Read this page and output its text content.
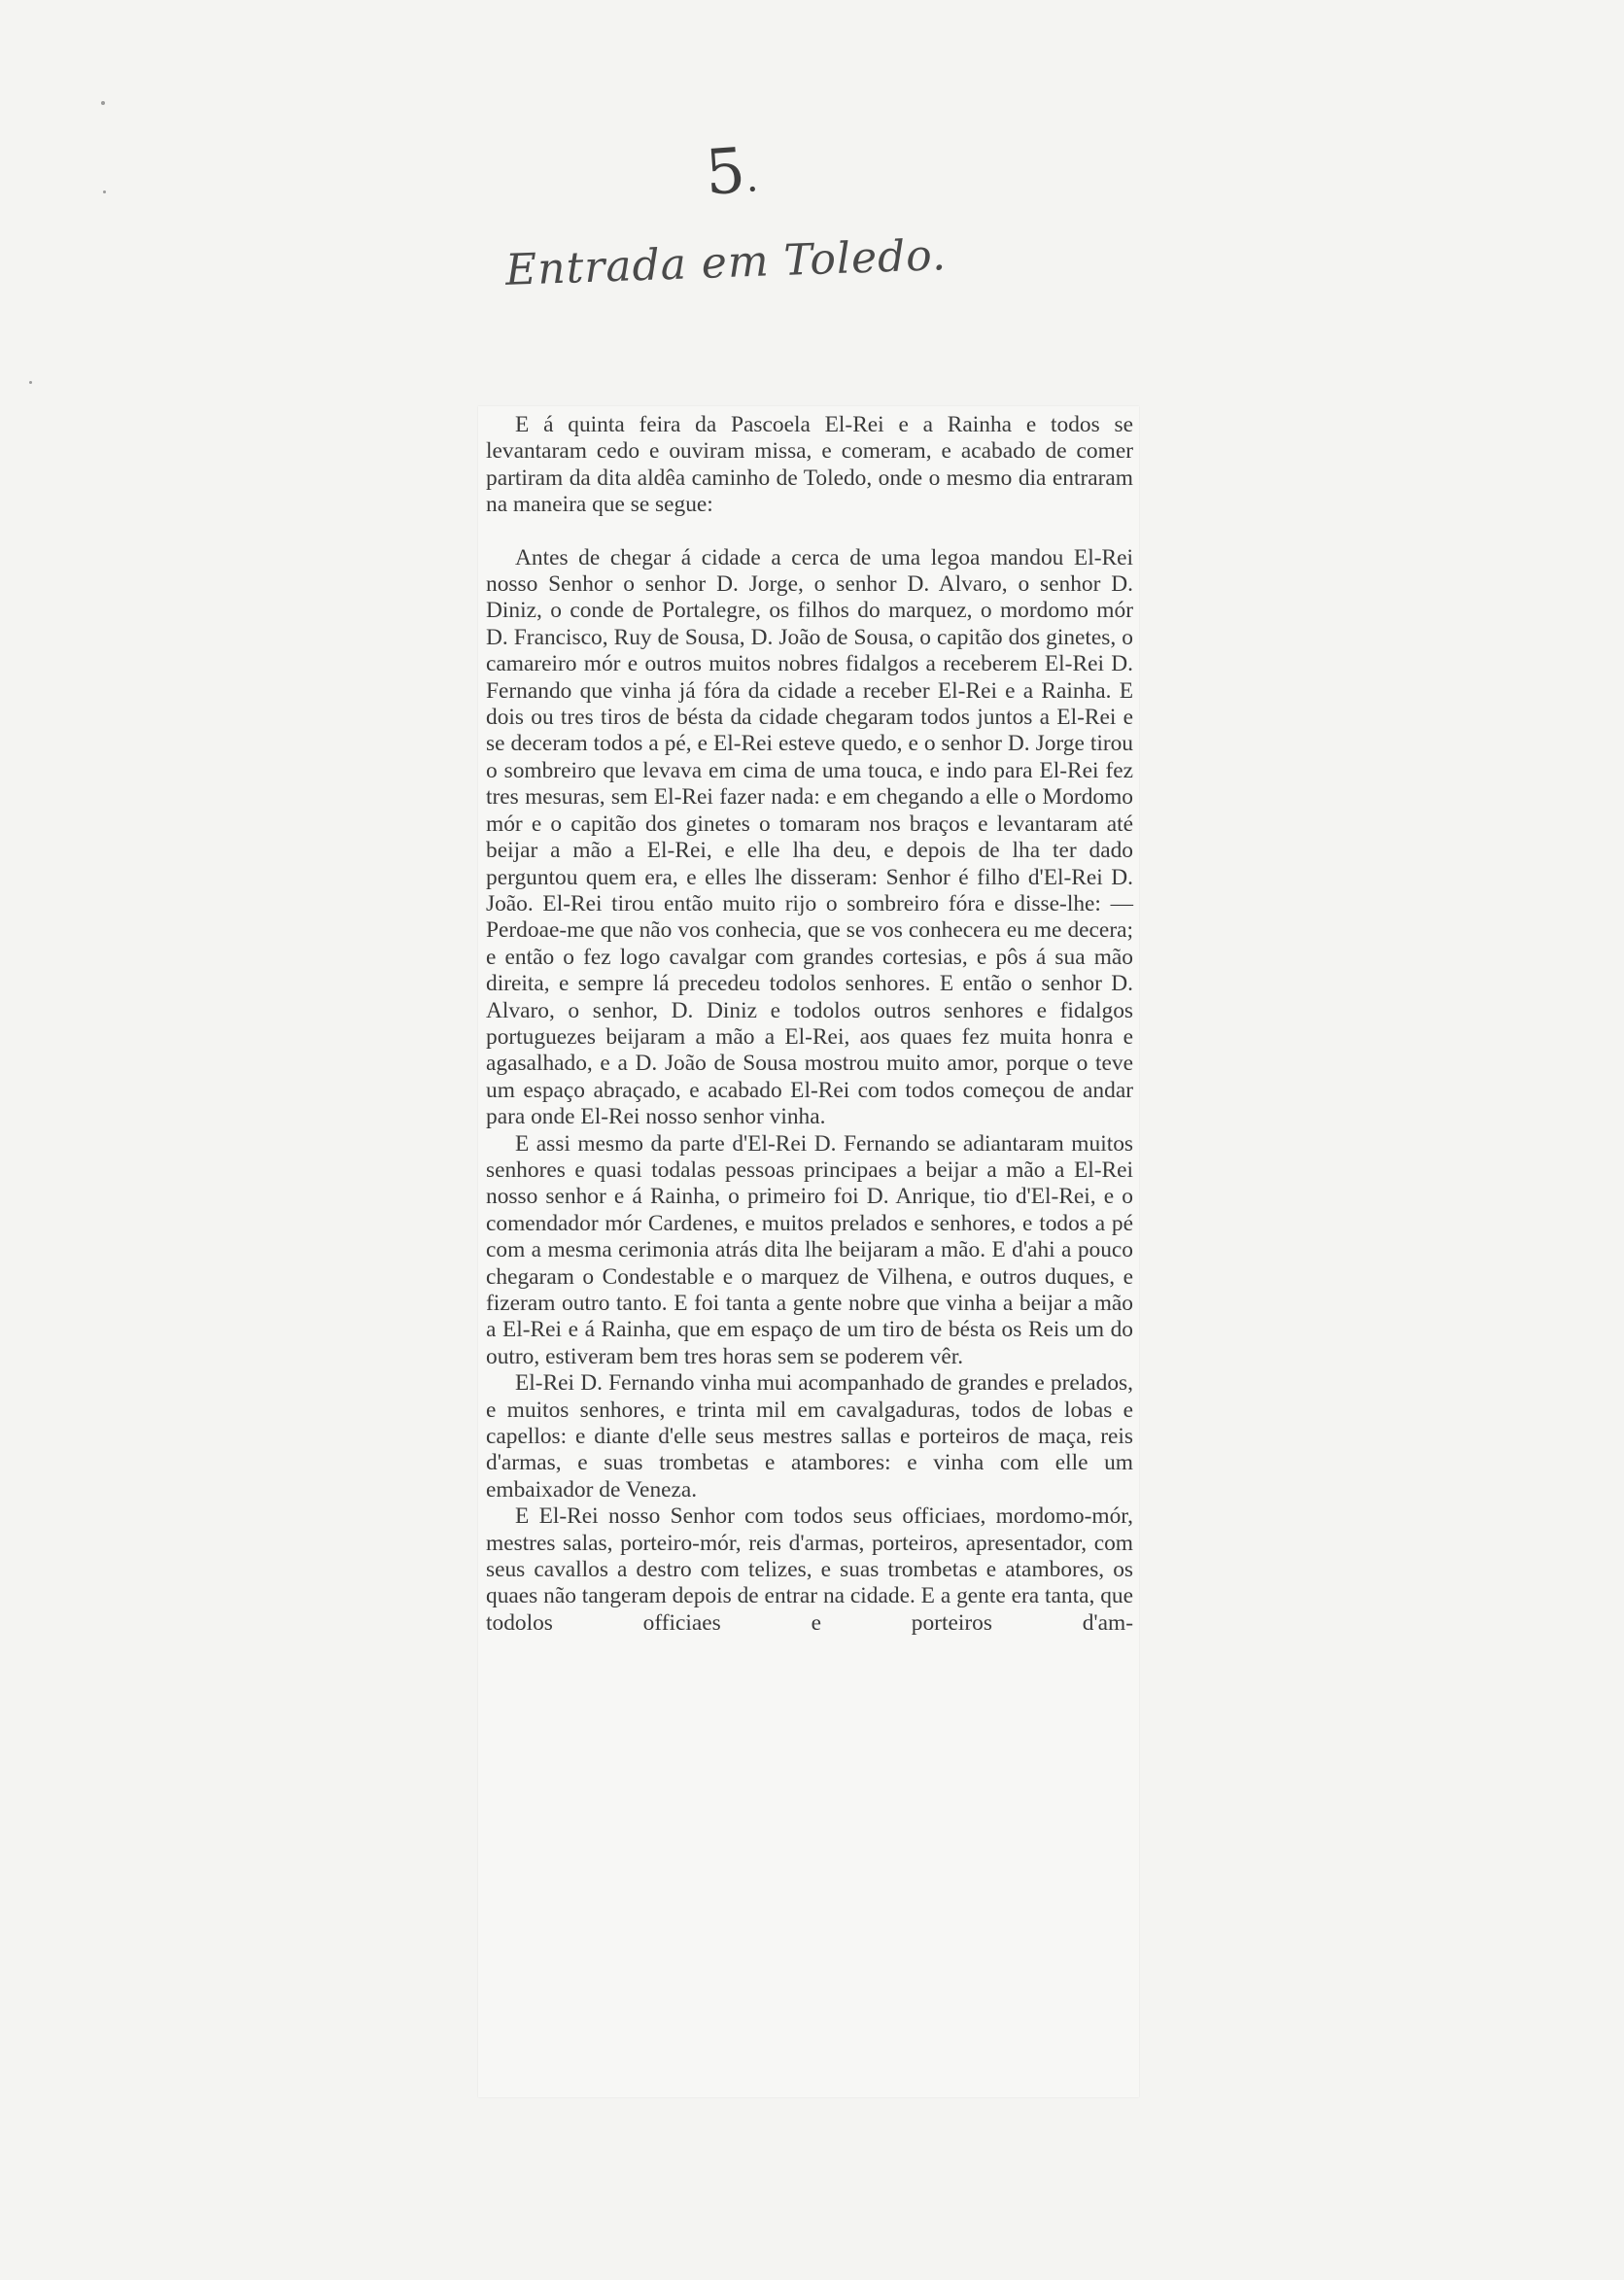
5.
Entrada em Toledo.

E á quinta feira da Pascoela El-Rei e a Rainha e todos se levantaram cedo e ouviram missa, e comeram, e acabado de comer partiram da dita aldêa caminho de Toledo, onde o mesmo dia entraram na maneira que se segue:

Antes de chegar á cidade a cerca de uma legoa mandou El-Rei nosso Senhor o senhor D. Jorge, o senhor D. Alvaro, o senhor D. Diniz, o conde de Portalegre, os filhos do marquez, o mordomo mór D. Francisco, Ruy de Sousa, D. João de Sousa, o capitão dos ginetes, o camareiro mór e outros muitos nobres fidalgos a receberem El-Rei D. Fernando que vinha já fóra da cidade a receber El-Rei e a Rainha. E dois ou tres tiros de bésta da cidade chegaram todos juntos a El-Rei e se deceram todos a pé, e El-Rei esteve quedo, e o senhor D. Jorge tirou o sombreiro que levava em cima de uma touca, e indo para El-Rei fez tres mesuras, sem El-Rei fazer nada: e em chegando a elle o Mordomo mór e o capitão dos ginetes o tomaram nos braços e levantaram até beijar a mão a El-Rei, e elle lha deu, e depois de lha ter dado perguntou quem era, e elles lhe disseram: Senhor é filho d'El-Rei D. João. El-Rei tirou então muito rijo o sombreiro fóra e disse-lhe: — Perdoae-me que não vos conhecia, que se vos conhecera eu me decera; e então o fez logo cavalgar com grandes cortesias, e pôs á sua mão direita, e sempre lá precedeu todolos senhores. E então o senhor D. Alvaro, o senhor, D. Diniz e todolos outros senhores e fidalgos portuguezes beijaram a mão a El-Rei, aos quaes fez muita honra e agasalhado, e a D. João de Sousa mostrou muito amor, porque o teve um espaço abraçado, e acabado El-Rei com todos começou de andar para onde El-Rei nosso senhor vinha.

E assi mesmo da parte d'El-Rei D. Fernando se adiantaram muitos senhores e quasi todalas pessoas principaes a beijar a mão a El-Rei nosso senhor e á Rainha, o primeiro foi D. Anrique, tio d'El-Rei, e o comendador mór Cardenes, e muitos prelados e senhores, e todos a pé com a mesma cerimonia atrás dita lhe beijaram a mão. E d'ahi a pouco chegaram o Condestable e o marquez de Vilhena, e outros duques, e fizeram outro tanto. E foi tanta a gente nobre que vinha a beijar a mão a El-Rei e á Rainha, que em espaço de um tiro de bésta os Reis um do outro, estiveram bem tres horas sem se poderem vêr.

El-Rei D. Fernando vinha mui acompanhado de grandes e prelados, e muitos senhores, e trinta mil em cavalgaduras, todos de lobas e capellos: e diante d'elle seus mestres sallas e porteiros de maça, reis d'armas, e suas trombetas e atambores: e vinha com elle um embaixador de Veneza.

E El-Rei nosso Senhor com todos seus officiaes, mordomo-mór, mestres salas, porteiro-mór, reis d'armas, porteiros, apresentador, com seus cavallos a destro com telizes, e suas trombetas e atambores, os quaes não tangeram depois de entrar na cidade. E a gente era tanta, que todolos officiaes e porteiros d'am-
